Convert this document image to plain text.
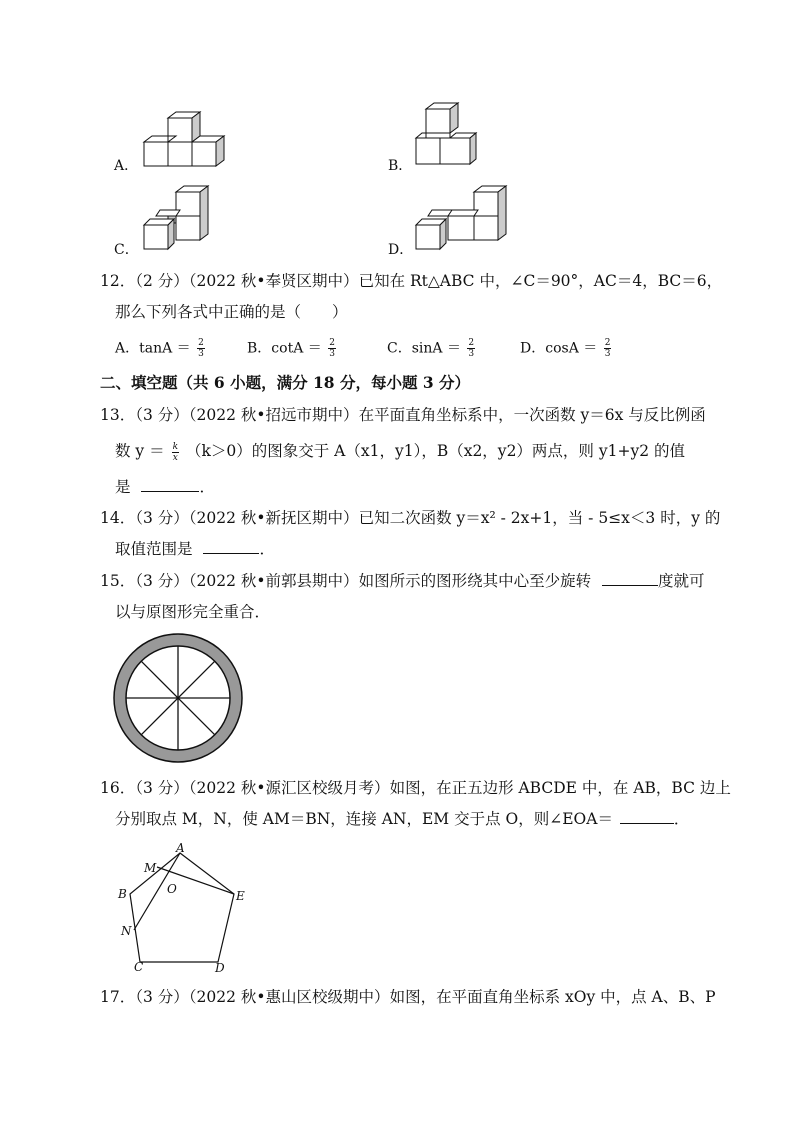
A．	B．
C．	D．
12．（2 分）（2022 秋•奉贤区期中）已知在 Rt△ABC 中，∠C＝90°，AC＝4，BC＝6，
那么下列各式中正确的是（　　）
A．$\tan A = \frac{2}{3}$	B．$\cot A = \frac{2}{3}$	C．$\sin A = \frac{2}{3}$	D．$\cos A = \frac{2}{3}$
二、填空题（共 6 小题，满分 18 分，每小题 3 分）
13．（3 分）（2022 秋•招远市期中）在平面直角坐标系中，一次函数 y＝6x 与反比例函
数 $y = \frac{k}{x} (k>0)$的图象交于 A（x1，y1），B（x2，y2）两点，则 y1+y2 的值
是	．
14．（3 分）（2022 秋•新抚区期中）已知二次函数 y＝x² - 2x+1，当 - 5≤x＜3 时，y 的
取值范围是	．
15．（3 分）（2022 秋•前郭县期中）如图所示的图形绕其中心至少旋转	度就可
以与原图形完全重合．
16．（3 分）（2022 秋•源汇区校级月考）如图，在正五边形 ABCDE 中，在 AB，BC 边上
分别取点 M，N，使 AM＝BN，连接 AN，EM 交于点 O，则∠EOA＝	．
A
B
C	D
E
M
N
O
17．（3 分）（2022 秋•惠山区校级期中）如图，在平面直角坐标系 xOy 中，点 A、B、P
